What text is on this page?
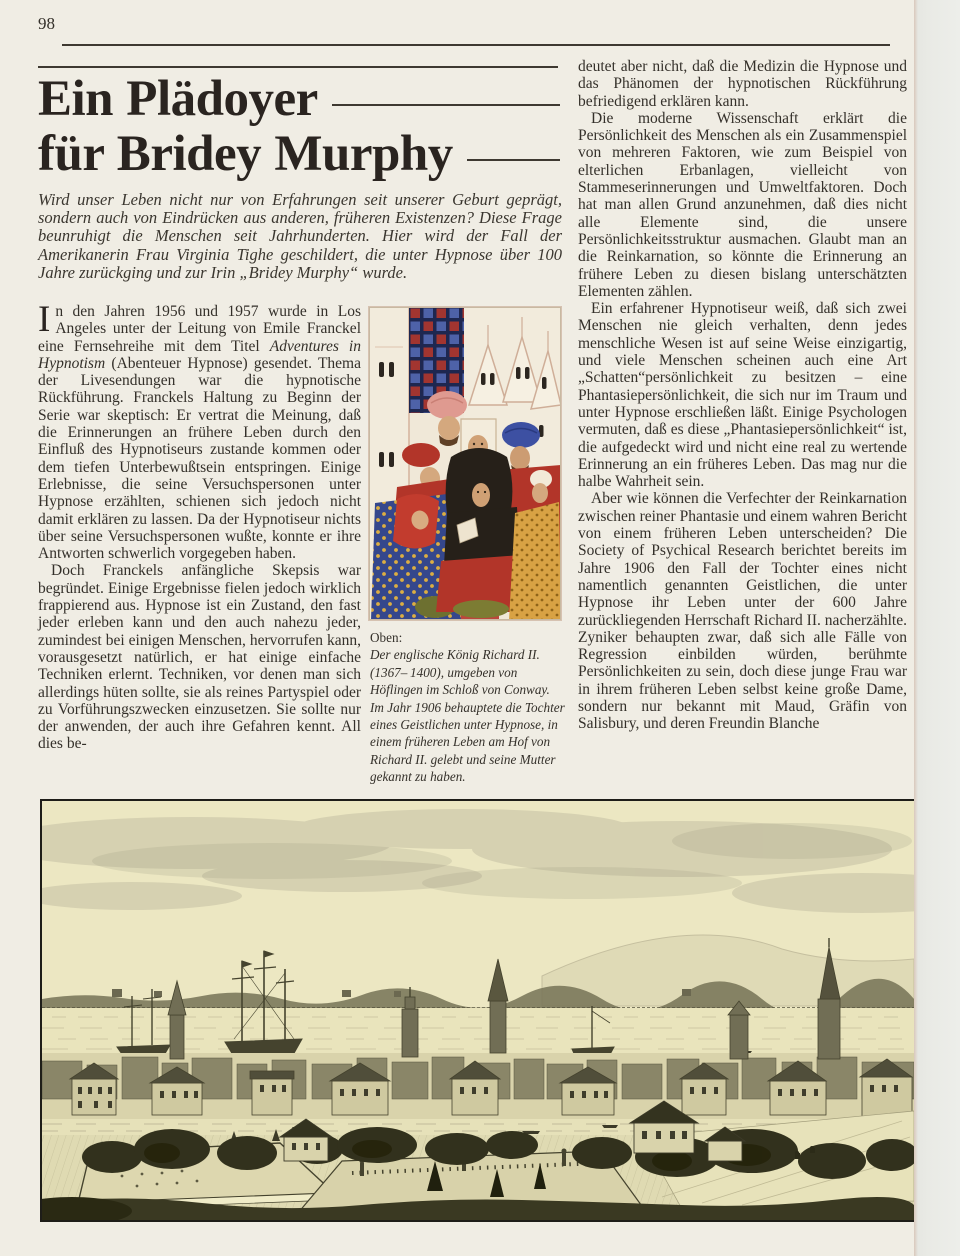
98
Ein Plädoyer
für Bridey Murphy
Wird unser Leben nicht nur von Erfahrungen seit unserer Geburt geprägt, sondern auch von Eindrücken aus anderen, früheren Existenzen? Diese Frage beunruhigt die Menschen seit Jahrhunderten. Hier wird der Fall der Amerikanerin Frau Virginia Tighe geschildert, die unter Hypnose über 100 Jahre zurückging und zur Irin „Bridey Murphy“ wurde.

In den Jahren 1956 und 1957 wurde in Los Angeles unter der Leitung von Emile Franckel eine Fernsehreihe mit dem Titel Adventures in Hypnotism (Abenteuer Hypnose) gesendet. Thema der Livesendungen war die hypnotische Rückführung. Franckels Haltung zu Beginn der Serie war skeptisch: Er vertrat die Meinung, daß die Erinnerungen an frühere Leben durch den Einfluß des Hypnotiseurs zustande kommen oder dem tiefen Unterbewußtsein entspringen. Einige Erlebnisse, die seine Versuchspersonen unter Hypnose erzählten, schienen sich jedoch nicht damit erklären zu lassen. Da der Hypnotiseur nichts über seine Versuchspersonen wußte, konnte er ihre Antworten schwerlich vorgegeben haben.

Doch Franckels anfängliche Skepsis war begründet. Einige Ergebnisse fielen jedoch wirklich frappierend aus. Hypnose ist ein Zustand, den fast jeder erleben kann und den auch nahezu jeder, zumindest bei einigen Menschen, hervorrufen kann, vorausgesetzt natürlich, er hat einige einfache Techniken erlernt. Techniken, vor denen man sich allerdings hüten sollte, sie als reines Partyspiel oder zu Vorführungszwecken einzusetzen. Sie sollte nur der anwenden, der auch ihre Gefahren kennt. All dies be-

Oben:
Der englische König Richard II. (1367– 1400), umgeben von Höflingen im Schloß von Conway. Im Jahr 1906 behauptete die Tochter eines Geistlichen unter Hypnose, in einem früheren Leben am Hof von Richard II. gelebt und seine Mutter gekannt zu haben.

deutet aber nicht, daß die Medizin die Hypnose und das Phänomen der hypnotischen Rückführung befriedigend erklären kann.

Die moderne Wissenschaft erklärt die Persönlichkeit des Menschen als ein Zusammenspiel von mehreren Faktoren, wie zum Beispiel von elterlichen Erbanlagen, vielleicht von Stammeserinnerungen und Umweltfaktoren. Doch hat man allen Grund anzunehmen, daß dies nicht alle Elemente sind, die unsere Persönlichkeitsstruktur ausmachen. Glaubt man an die Reinkarnation, so könnte die Erinnerung an frühere Leben zu diesen bislang unterschätzten Elementen zählen.

Ein erfahrener Hypnotiseur weiß, daß sich zwei Menschen nie gleich verhalten, denn jedes menschliche Wesen ist auf seine Weise einzigartig, und viele Menschen scheinen auch eine Art „Schatten“persönlichkeit zu besitzen – eine Phantasiepersönlichkeit, die sich nur im Traum und unter Hypnose erschließen läßt. Einige Psychologen vermuten, daß es diese „Phantasiepersönlichkeit“ ist, die aufgedeckt wird und nicht eine real zu wertende Erinnerung an ein früheres Leben. Das mag nur die halbe Wahrheit sein.

Aber wie können die Verfechter der Reinkarnation zwischen reiner Phantasie und einem wahren Bericht von einem früheren Leben unterscheiden? Die Society of Psychical Research berichtet bereits im Jahre 1906 den Fall der Tochter eines nicht namentlich genannten Geistlichen, die unter Hypnose ihr Leben unter der 600 Jahre zurückliegenden Herrschaft Richard II. nacherzählte. Zyniker behaupten zwar, daß sich alle Fälle von Regression einbilden würden, berühmte Persönlichkeiten zu sein, doch diese junge Frau war in ihrem früheren Leben selbst keine große Dame, sondern nur bekannt mit Maud, Gräfin von Salisbury, und deren Freundin Blanche
